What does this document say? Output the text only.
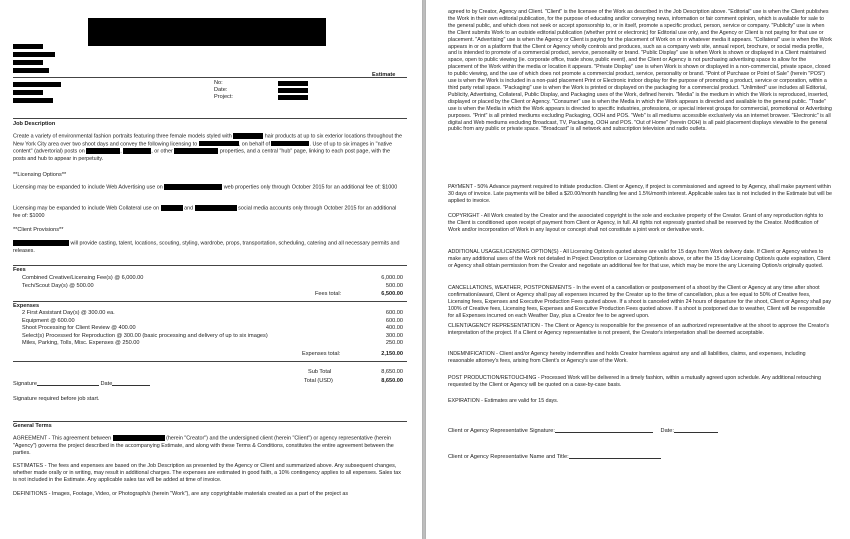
Estimate
No:
Date:
Project:
Job Description
Create a variety of environmental fashion portraits featuring three female models styled with	hair products at up to six exterior locations throughout the New York City area over two shoot days and convey the following licensing to	, on behalf of	. Use of up to six images in "native content" (advertorial) posts on	,	, or other	properties, and a central "hub" page, linking to each post page, with the posts and hub to appear in perpetuity.
**Licensing Options**
Licensing may be expanded to include Web Advertising use on	web properties only through October 2015 for an additional fee of: $1000
Licensing may be expanded to include Web Collateral use on	and	social media accounts only through October 2015 for an additional fee of: $1000
**Client Provisions**
will provide casting, talent, locations, scouting, styling, wardrobe, props, transportation, scheduling, catering and all necessary permits and releases.
Fees
Combined Creative/Licensing Fee(s) @ 6,000.00	6,000.00
Tech/Scout Day(s) @ 500.00	500.00
Fees total:	6,500.00
Expenses
2 First Assistant Day(s) @ 300.00 ea.	600.00
Equipment @ 600.00	600.00
Shoot Processing for Client Review @ 400.00	400.00
Select(s) Processed for Reproduction @ 300.00 (basic processing and delivery of up to six images)	300.00
Miles, Parking, Tolls, Misc. Expenses @ 250.00	250.00
Expenses total:	2,150.00
Sub Total	8,650.00
Total (USD)	8,650.00
Signature	Date
Signature required before job start.
General Terms
AGREEMENT - This agreement between	(herein "Creator") and the undersigned client (herein "Client") or agency representative (herein "Agency") governs the project described in the accompanying Estimate, and along with these Terms & Conditions, constitutes the entire agreement between the parties.
ESTIMATES - The fees and expenses are based on the Job Description as presented by the Agency or Client and summarized above. Any subsequent changes, whether made orally or in writing, may result in additional charges. The expenses are estimated in good faith, a 10% contingency applies to all expenses. Sales tax is not included in the Estimate. Any applicable sales tax will be added at time of invoice.
DEFINITIONS - Images, Footage, Video, or Photograph/s (herein "Work"), are any copyrightable materials created as a part of the project as
agreed to by Creator, Agency and Client. "Client" is the licensee of the Work as described in the Job Description above. "Editorial" use is when the Client publishes the Work in their own editorial publication, for the purpose of educating and/or conveying news, information or fair comment opinion, which is available for sale to the general public, and which does not seek or accept sponsorship to, or in itself, promote a specific product, person, service or company. "Publicity" use is when the Client submits Work to an outside editorial publication (whether print or electronic) for Editorial use only, and the Agency or Client is not paying for that use or placement. "Advertising" use is when the Agency or Client is paying for the placement of Work on or in whatever media it appears. "Collateral" use is when the Work appears in or on a platform that the Client or Agency wholly controls and produces, such as a company web site, annual report, brochure, or social media profile, and is intended to promote of a commercial product, service, personality or brand. "Public Display" use is when Work is shown or displayed in a Client maintained space, open to public viewing (ie. corporate office, trade show, public event), and the Client or Agency is not purchasing advertising space to allow for the placement of the Work within the media or location it appears. "Private Display" use is when Work is shown or displayed in a non-commercial, private space, closed to public viewing, and the use of which does not promote a commercial product, service, personality or brand. "Point of Purchase or Point of Sale" (herein "POS") use is when the Work is included in a non-paid placement Print or Electronic indoor display for the purpose of promoting a product, service or corporation, within a third party retail space. "Packaging" use is when the Work is printed or displayed on the packaging for a commercial product. "Unlimited" use includes all Editorial, Publicity, Advertising, Collateral, Public Display, and Packaging uses of the Work, defined herein. "Media" is the medium in which the Work is reproduced, inserted, displayed or placed by the Client or Agency. "Consumer" use is when the Media in which the Work appears is directed and available to the general public. "Trade" use is when the Media in which the Work appears is directed to specific industries, professions, or special interest groups for commercial, promotional or Advertising purposes. "Print" is all printed mediums excluding Packaging, OOH and POS. "Web" is all mediums accessible exclusively via an internet browser. "Electronic" is all digital and Web mediums excluding Broadcast, TV, Packaging, OOH and POS. "Out of Home" (herein OOH) is all paid placement displays viewable to the general public from any public or private space. "Broadcast" is all network and subscription television and radio outlets.
PAYMENT - 50% Advance payment required to initiate production. Client or Agency, if project is commissioned and agreed to by Agency, shall make payment within 30 days of invoice. Late payments will be billed a $20.00/month handling fee and 1.5%/month interest. Applicable sales tax is not included in the Estimate but will be applied to invoice.
COPYRIGHT - All Work created by the Creator and the associated copyright is the sole and exclusive property of the Creator. Grant of any reproduction rights to the Client is conditioned upon receipt of payment from Client or Agency, in full. All rights not expressly granted shall be reserved by the Creator. Modification of Work and/or incorporation of Work in any layout or concept shall not constitute a joint work or derivative work.
ADDITIONAL USAGE/LICENSING OPTION(S) - All Licensing Option/s quoted above are valid for 15 days from Work delivery date. If Client or Agency wishes to make any additional uses of the Work not detailed in Project Description or Licensing Option/s above, or after the 15 day Licensing Option/s quote expiration, Client or Agency shall obtain permission from the Creator and negotiate an additional fee for that use, which may be more the any Licensing Option/s originally quoted.
CANCELLATIONS, WEATHER, POSTPONEMENTS - In the event of a cancellation or postponement of a shoot by the Client or Agency at any time after shoot confirmation/award, Client or Agency shall pay all expenses incurred by the Creator up to the time of cancellation, plus a fee equal to 50% of Creative fees, Licensing fees, Expenses and Executive Production Fees quoted above. If a shoot is canceled within 24 hours of departure for the shoot, Client or Agency shall pay 100% of Creative fees, Licensing fees, Expenses and Executive Production Fees quoted above. If a shoot is postponed due to weather, Client will be responsible for all Expenses incurred on each Weather Day, plus a Creator fee to be agreed upon.
CLIENT/AGENCY REPRESENTATION - The Client or Agency is responsible for the presence of an authorized representative at the shoot to approve the Creator's interpretation of the project. If a Client or Agency representative is not present, the Creator's interpretation shall be deemed acceptable.
INDEMNIFICATION - Client and/or Agency hereby indemnifies and holds Creator harmless against any and all liabilities, claims, and expenses, including reasonable attorney's fees, arising from Client's or Agency's use of the Work.
POST PRODUCTION/RETOUCHING - Processed Work will be delivered in a timely fashion, within a mutually agreed upon schedule. Any additional retouching requested by the Client or Agency will be quoted on a case-by-case basis.
EXPIRATION - Estimates are valid for 15 days.
Client or Agency Representative Signature:	Date:
Client or Agency Representative Name and Title:
